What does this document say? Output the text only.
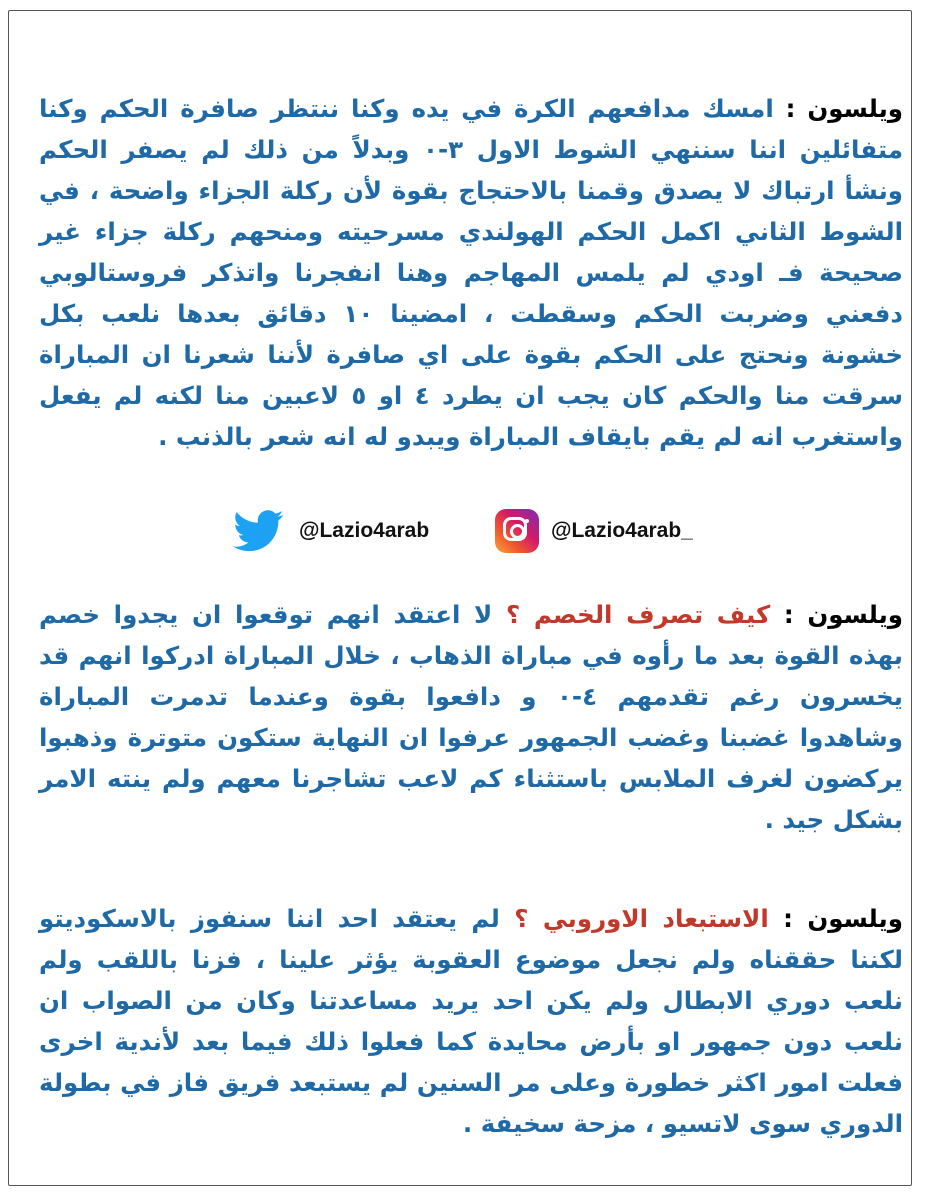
ويلسون : امسك مدافعهم الكرة في يده وكنا ننتظر صافرة الحكم وكنا متفائلين اننا سننهي الشوط الاول ٣-٠ وبدلاً من ذلك لم يصفر الحكم ونشأ ارتباك لا يصدق وقمنا بالاحتجاج بقوة لأن ركلة الجزاء واضحة ، في الشوط الثاني اكمل الحكم الهولندي مسرحيته ومنحهم ركلة جزاء غير صحيحة فـ اودي لم يلمس المهاجم وهنا انفجرنا واتذكر فروستالوبي دفعني وضربت الحكم وسقطت ، امضينا ١٠ دقائق بعدها نلعب بكل خشونة ونحتج على الحكم بقوة على اي صافرة لأننا شعرنا ان المباراة سرقت منا والحكم كان يجب ان يطرد ٤ او ٥ لاعبين منا لكنه لم يفعل واستغرب انه لم يقم بايقاف المباراة ويبدو له انه شعر بالذنب .
@Lazio4arab	@Lazio4arab_
ويلسون : كيف تصرف الخصم ؟ لا اعتقد انهم توقعوا ان يجدوا خصم بهذه القوة بعد ما رأوه في مباراة الذهاب ، خلال المباراة ادركوا انهم قد يخسرون رغم تقدمهم ٤-٠ و دافعوا بقوة وعندما تدمرت المباراة وشاهدوا غضبنا وغضب الجمهور عرفوا ان النهاية ستكون متوترة وذهبوا يركضون لغرف الملابس باستثناء كم لاعب تشاجرنا معهم ولم ينته الامر بشكل جيد .
ويلسون : الاستبعاد الاوروبي ؟ لم يعتقد احد اننا سنفوز بالاسكوديتو لكننا حققناه ولم نجعل موضوع العقوبة يؤثر علينا ، فزنا باللقب ولم نلعب دوري الابطال ولم يكن احد يريد مساعدتنا وكان من الصواب ان نلعب دون جمهور او بأرض محايدة كما فعلوا ذلك فيما بعد لأندية اخرى فعلت امور اكثر خطورة وعلى مر السنين لم يستبعد فريق فاز في بطولة الدوري سوى لاتسيو ، مزحة سخيفة .
